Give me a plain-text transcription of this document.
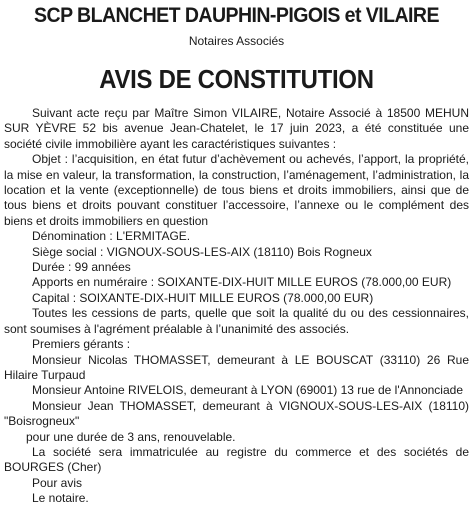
SCP BLANCHET DAUPHIN-PIGOIS et VILAIRE
Notaires Associés
AVIS DE CONSTITUTION

Suivant acte reçu par Maître Simon VILAIRE, Notaire Associé à 18500 MEHUN SUR YÈVRE 52 bis avenue Jean-Chatelet, le 17 juin 2023, a été constituée une société civile immobilière ayant les caractéristiques suivantes :

Objet : l’acquisition, en état futur d’achèvement ou achevés, l’apport, la propriété, la mise en valeur, la transformation, la construction, l’aménagement, l’administration, la location et la vente (exceptionnelle) de tous biens et droits immobiliers, ainsi que de tous biens et droits pouvant constituer l’accessoire, l’annexe ou le complément des biens et droits immobiliers en question

Dénomination : L'ERMITAGE.

Siège social : VIGNOUX-SOUS-LES-AIX (18110) Bois Rogneux

Durée : 99 années

Apports en numéraire : SOIXANTE-DIX-HUIT MILLE EUROS (78.000,00 EUR)

Capital : SOIXANTE-DIX-HUIT MILLE EUROS (78.000,00 EUR)

Toutes les cessions de parts, quelle que soit la qualité du ou des cessionnaires, sont soumises à l'agrément préalable à l’unanimité des associés.

Premiers gérants :

Monsieur Nicolas THOMASSET, demeurant à LE BOUSCAT (33110) 26 Rue Hilaire Turpaud

Monsieur Antoine RIVELOIS, demeurant à LYON (69001) 13 rue de l'Annonciade

Monsieur Jean THOMASSET, demeurant à VIGNOUX-SOUS-LES-AIX (18110) "Boisrogneux"

pour une durée de 3 ans, renouvelable.

La société sera immatriculée au registre du commerce et des sociétés de BOURGES (Cher)

Pour avis

Le notaire.
